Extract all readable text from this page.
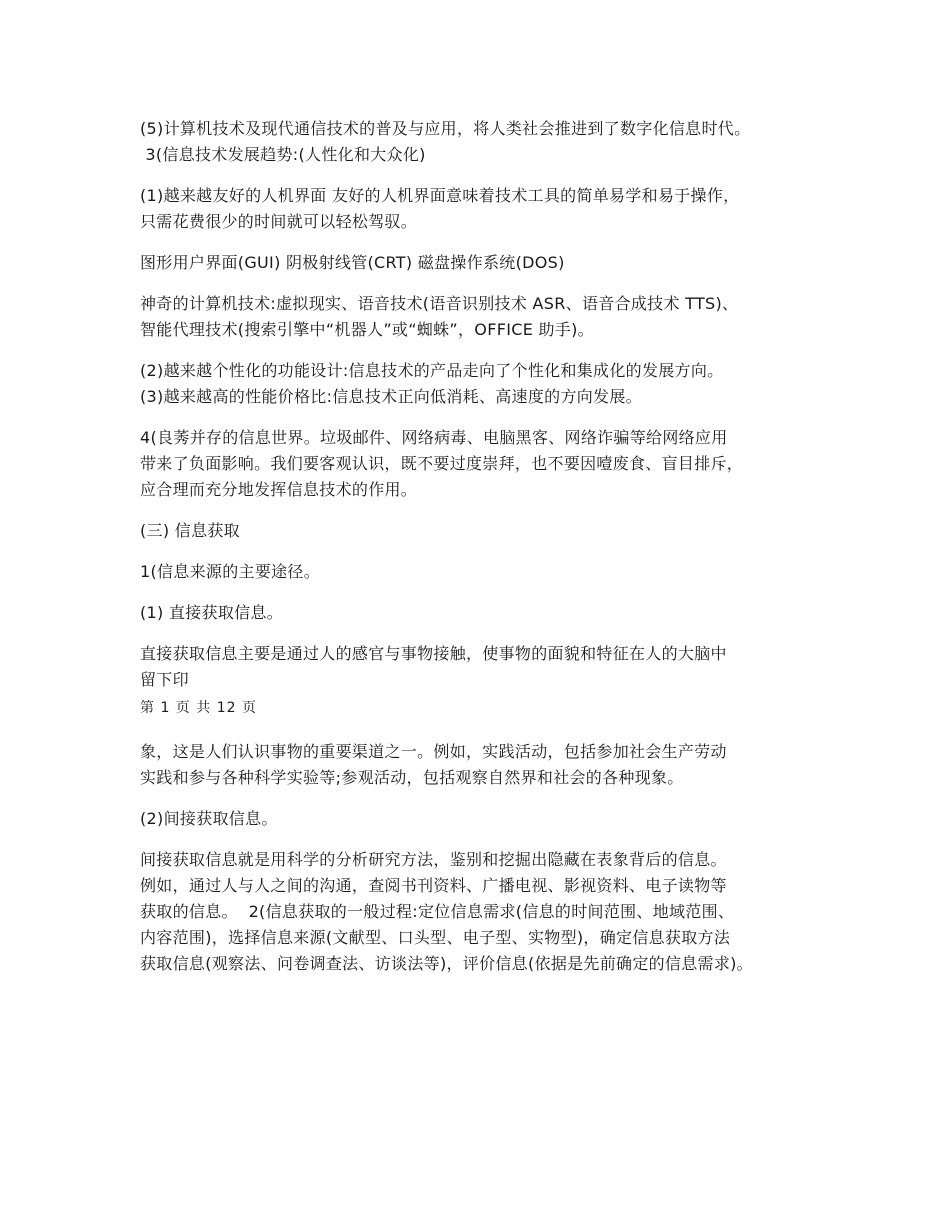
(5)计算机技术及现代通信技术的普及与应用，将人类社会推进到了数字化信息时代。
3(信息技术发展趋势:(人性化和大众化)
(1)越来越友好的人机界面 友好的人机界面意味着技术工具的简单易学和易于操作，
只需花费很少的时间就可以轻松驾驭。
图形用户界面(GUI) 阴极射线管(CRT) 磁盘操作系统(DOS)
神奇的计算机技术:虚拟现实、语音技术(语音识别技术 ASR、语音合成技术 TTS)、
智能代理技术(搜索引擎中“机器人”或“蜘蛛”，OFFICE 助手)。
(2)越来越个性化的功能设计:信息技术的产品走向了个性化和集成化的发展方向。
(3)越来越高的性能价格比:信息技术正向低消耗、高速度的方向发展。
4(良莠并存的信息世界。垃圾邮件、网络病毒、电脑黑客、网络诈骗等给网络应用
带来了负面影响。我们要客观认识，既不要过度崇拜，也不要因噎废食、盲目排斥，
应合理而充分地发挥信息技术的作用。
(三) 信息获取
1(信息来源的主要途径。
(1) 直接获取信息。
直接获取信息主要是通过人的感官与事物接触，使事物的面貌和特征在人的大脑中
留下印
第 1 页 共 12 页
象，这是人们认识事物的重要渠道之一。例如，实践活动，包括参加社会生产劳动
实践和参与各种科学实验等;参观活动，包括观察自然界和社会的各种现象。
(2)间接获取信息。
间接获取信息就是用科学的分析研究方法，鉴别和挖掘出隐藏在表象背后的信息。
例如，通过人与人之间的沟通，查阅书刊资料、广播电视、影视资料、电子读物等
获取的信息。  2(信息获取的一般过程:定位信息需求(信息的时间范围、地域范围、
内容范围)，选择信息来源(文献型、口头型、电子型、实物型)，确定信息获取方法
获取信息(观察法、问卷调查法、访谈法等)，评价信息(依据是先前确定的信息需求)。
